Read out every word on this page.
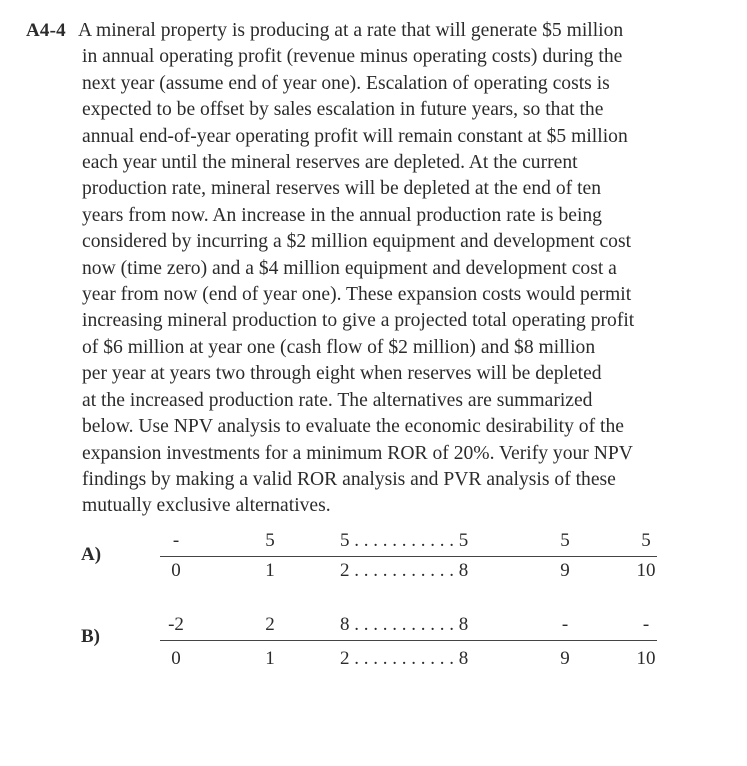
A4-4 A mineral property is producing at a rate that will generate $5 million
in annual operating profit (revenue minus operating costs) during the
next year (assume end of year one). Escalation of operating costs is
expected to be offset by sales escalation in future years, so that the
annual end-of-year operating profit will remain constant at $5 million
each year until the mineral reserves are depleted. At the current
production rate, mineral reserves will be depleted at the end of ten
years from now. An increase in the annual production rate is being
considered by incurring a $2 million equipment and development cost
now (time zero) and a $4 million equipment and development cost a
year from now (end of year one). These expansion costs would permit
increasing mineral production to give a projected total operating profit
of $6 million at year one (cash flow of $2 million) and $8 million
per year at years two through eight when reserves will be depleted
at the increased production rate. The alternatives are summarized
below. Use NPV analysis to evaluate the economic desirability of the
expansion investments for a minimum ROR of 20%. Verify your NPV
findings by making a valid ROR analysis and PVR analysis of these
mutually exclusive alternatives.
A)
-	5	5 . . . . . . . . . . . 5	5	5
0	1	2 . . . . . . . . . . . 8	9	10
B)
-2	2	8 . . . . . . . . . . . 8	-	-
0	1	2 . . . . . . . . . . . 8	9	10
